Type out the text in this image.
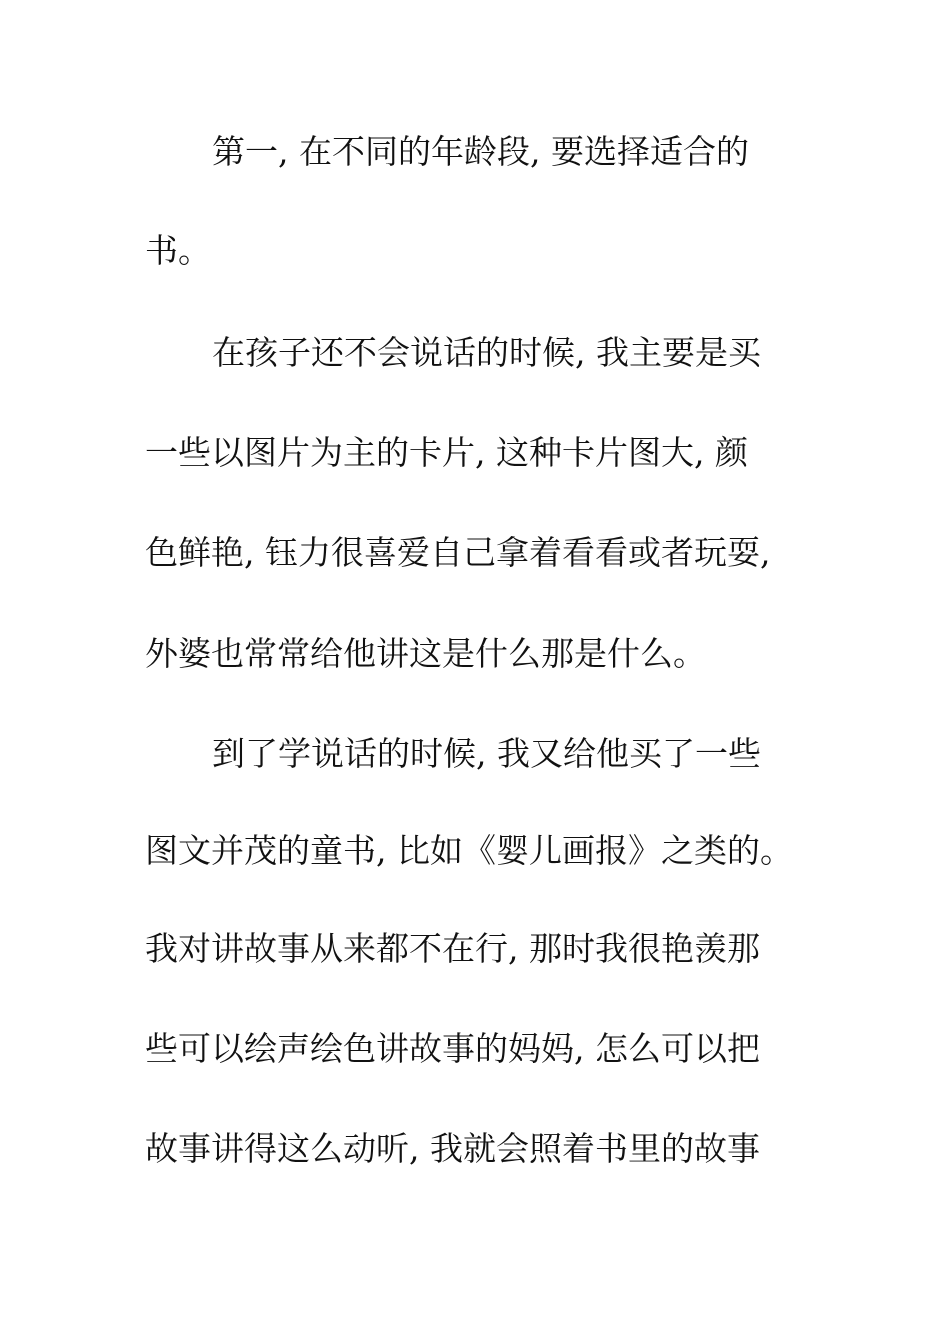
第一, 在不同的年龄段, 要选择适合的
书。
在孩子还不会说话的时候, 我主要是买
一些以图片为主的卡片, 这种卡片图大, 颜
色鲜艳, 钰力很喜爱自己拿着看看或者玩耍,
外婆也常常给他讲这是什么那是什么。
到了学说话的时候, 我又给他买了一些
图文并茂的童书, 比如《婴儿画报》之类的。
我对讲故事从来都不在行, 那时我很艳羡那
些可以绘声绘色讲故事的妈妈, 怎么可以把
故事讲得这么动听, 我就会照着书里的故事
